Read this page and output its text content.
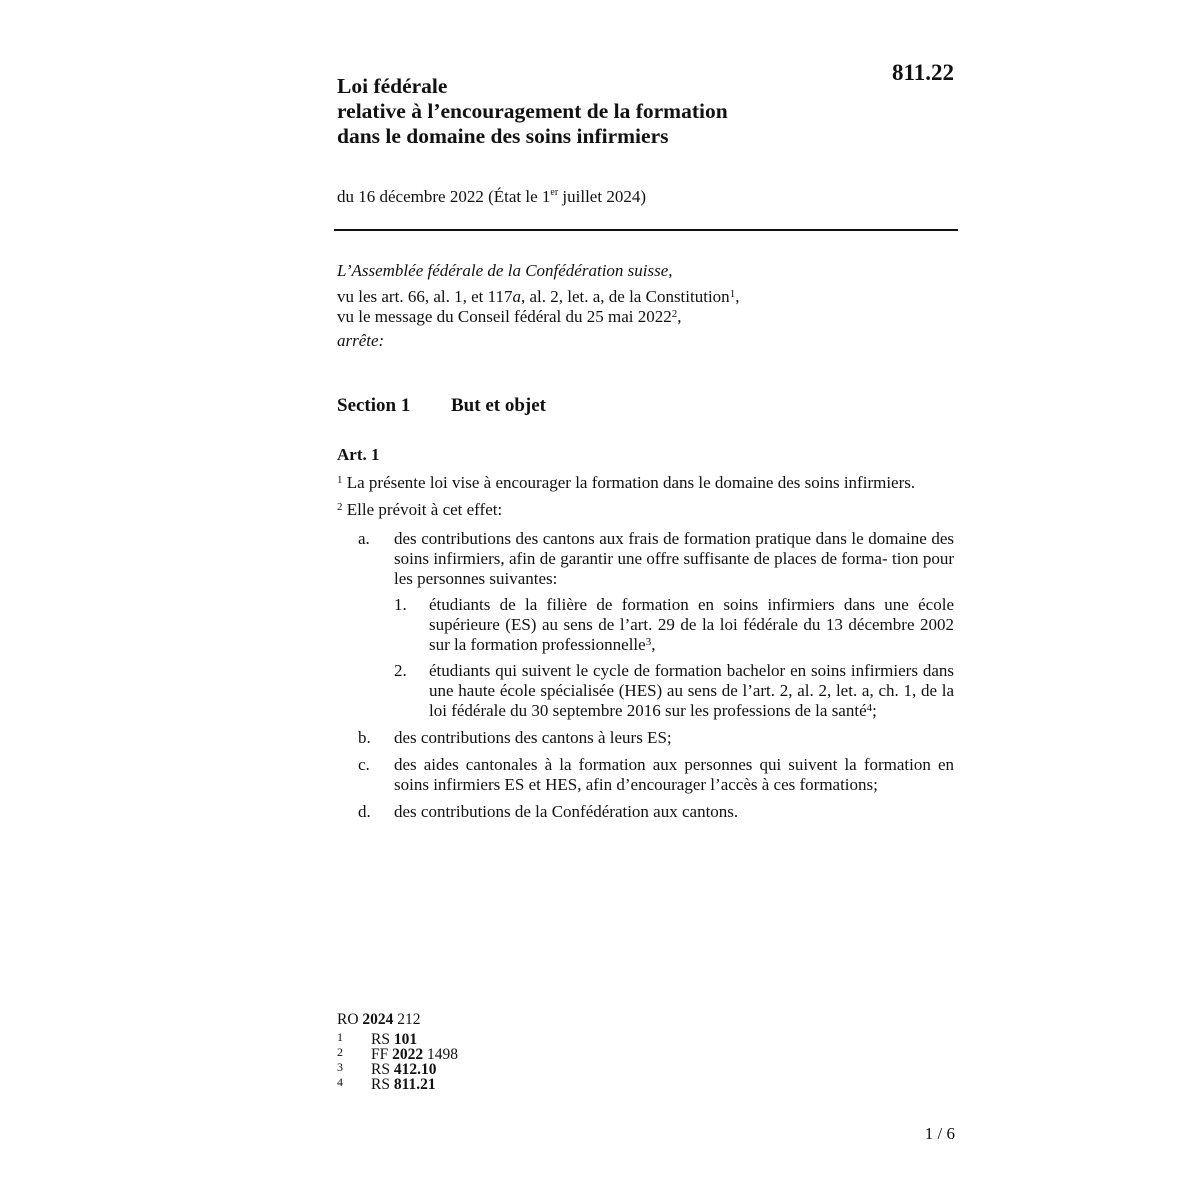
811.22
Loi fédérale
relative à l’encouragement de la formation
dans le domaine des soins infirmiers
du 16 décembre 2022 (État le 1er juillet 2024)
L’Assemblée fédérale de la Confédération suisse,
vu les art. 66, al. 1, et 117a, al. 2, let. a, de la Constitution$^1$,
vu le message du Conseil fédéral du 25 mai 2022$^2$,
arrête:
Section 1 But et objet
Art. 1
$^1$ La présente loi vise à encourager la formation dans le domaine des soins infirmiers.
$^2$ Elle prévoit à cet effet:
a. des contributions des cantons aux frais de formation pratique dans le domaine des soins infirmiers, afin de garantir une offre suffisante de places de forma- tion pour les personnes suivantes:
1. étudiants de la filière de formation en soins infirmiers dans une école supérieure (ES) au sens de l’art. 29 de la loi fédérale du 13 décembre 2002 sur la formation professionnelle$^3$,
2. étudiants qui suivent le cycle de formation bachelor en soins infirmiers dans une haute école spécialisée (HES) au sens de l’art. 2, al. 2, let. a, ch. 1, de la loi fédérale du 30 septembre 2016 sur les professions de la santé$^4$;
b. des contributions des cantons à leurs ES;
c. des aides cantonales à la formation aux personnes qui suivent la formation en soins infirmiers ES et HES, afin d’encourager l’accès à ces formations;
d. des contributions de la Confédération aux cantons.
RO 2024 212
1 RS 101
2 FF 2022 1498
3 RS 412.10
4 RS 811.21
1 / 6
